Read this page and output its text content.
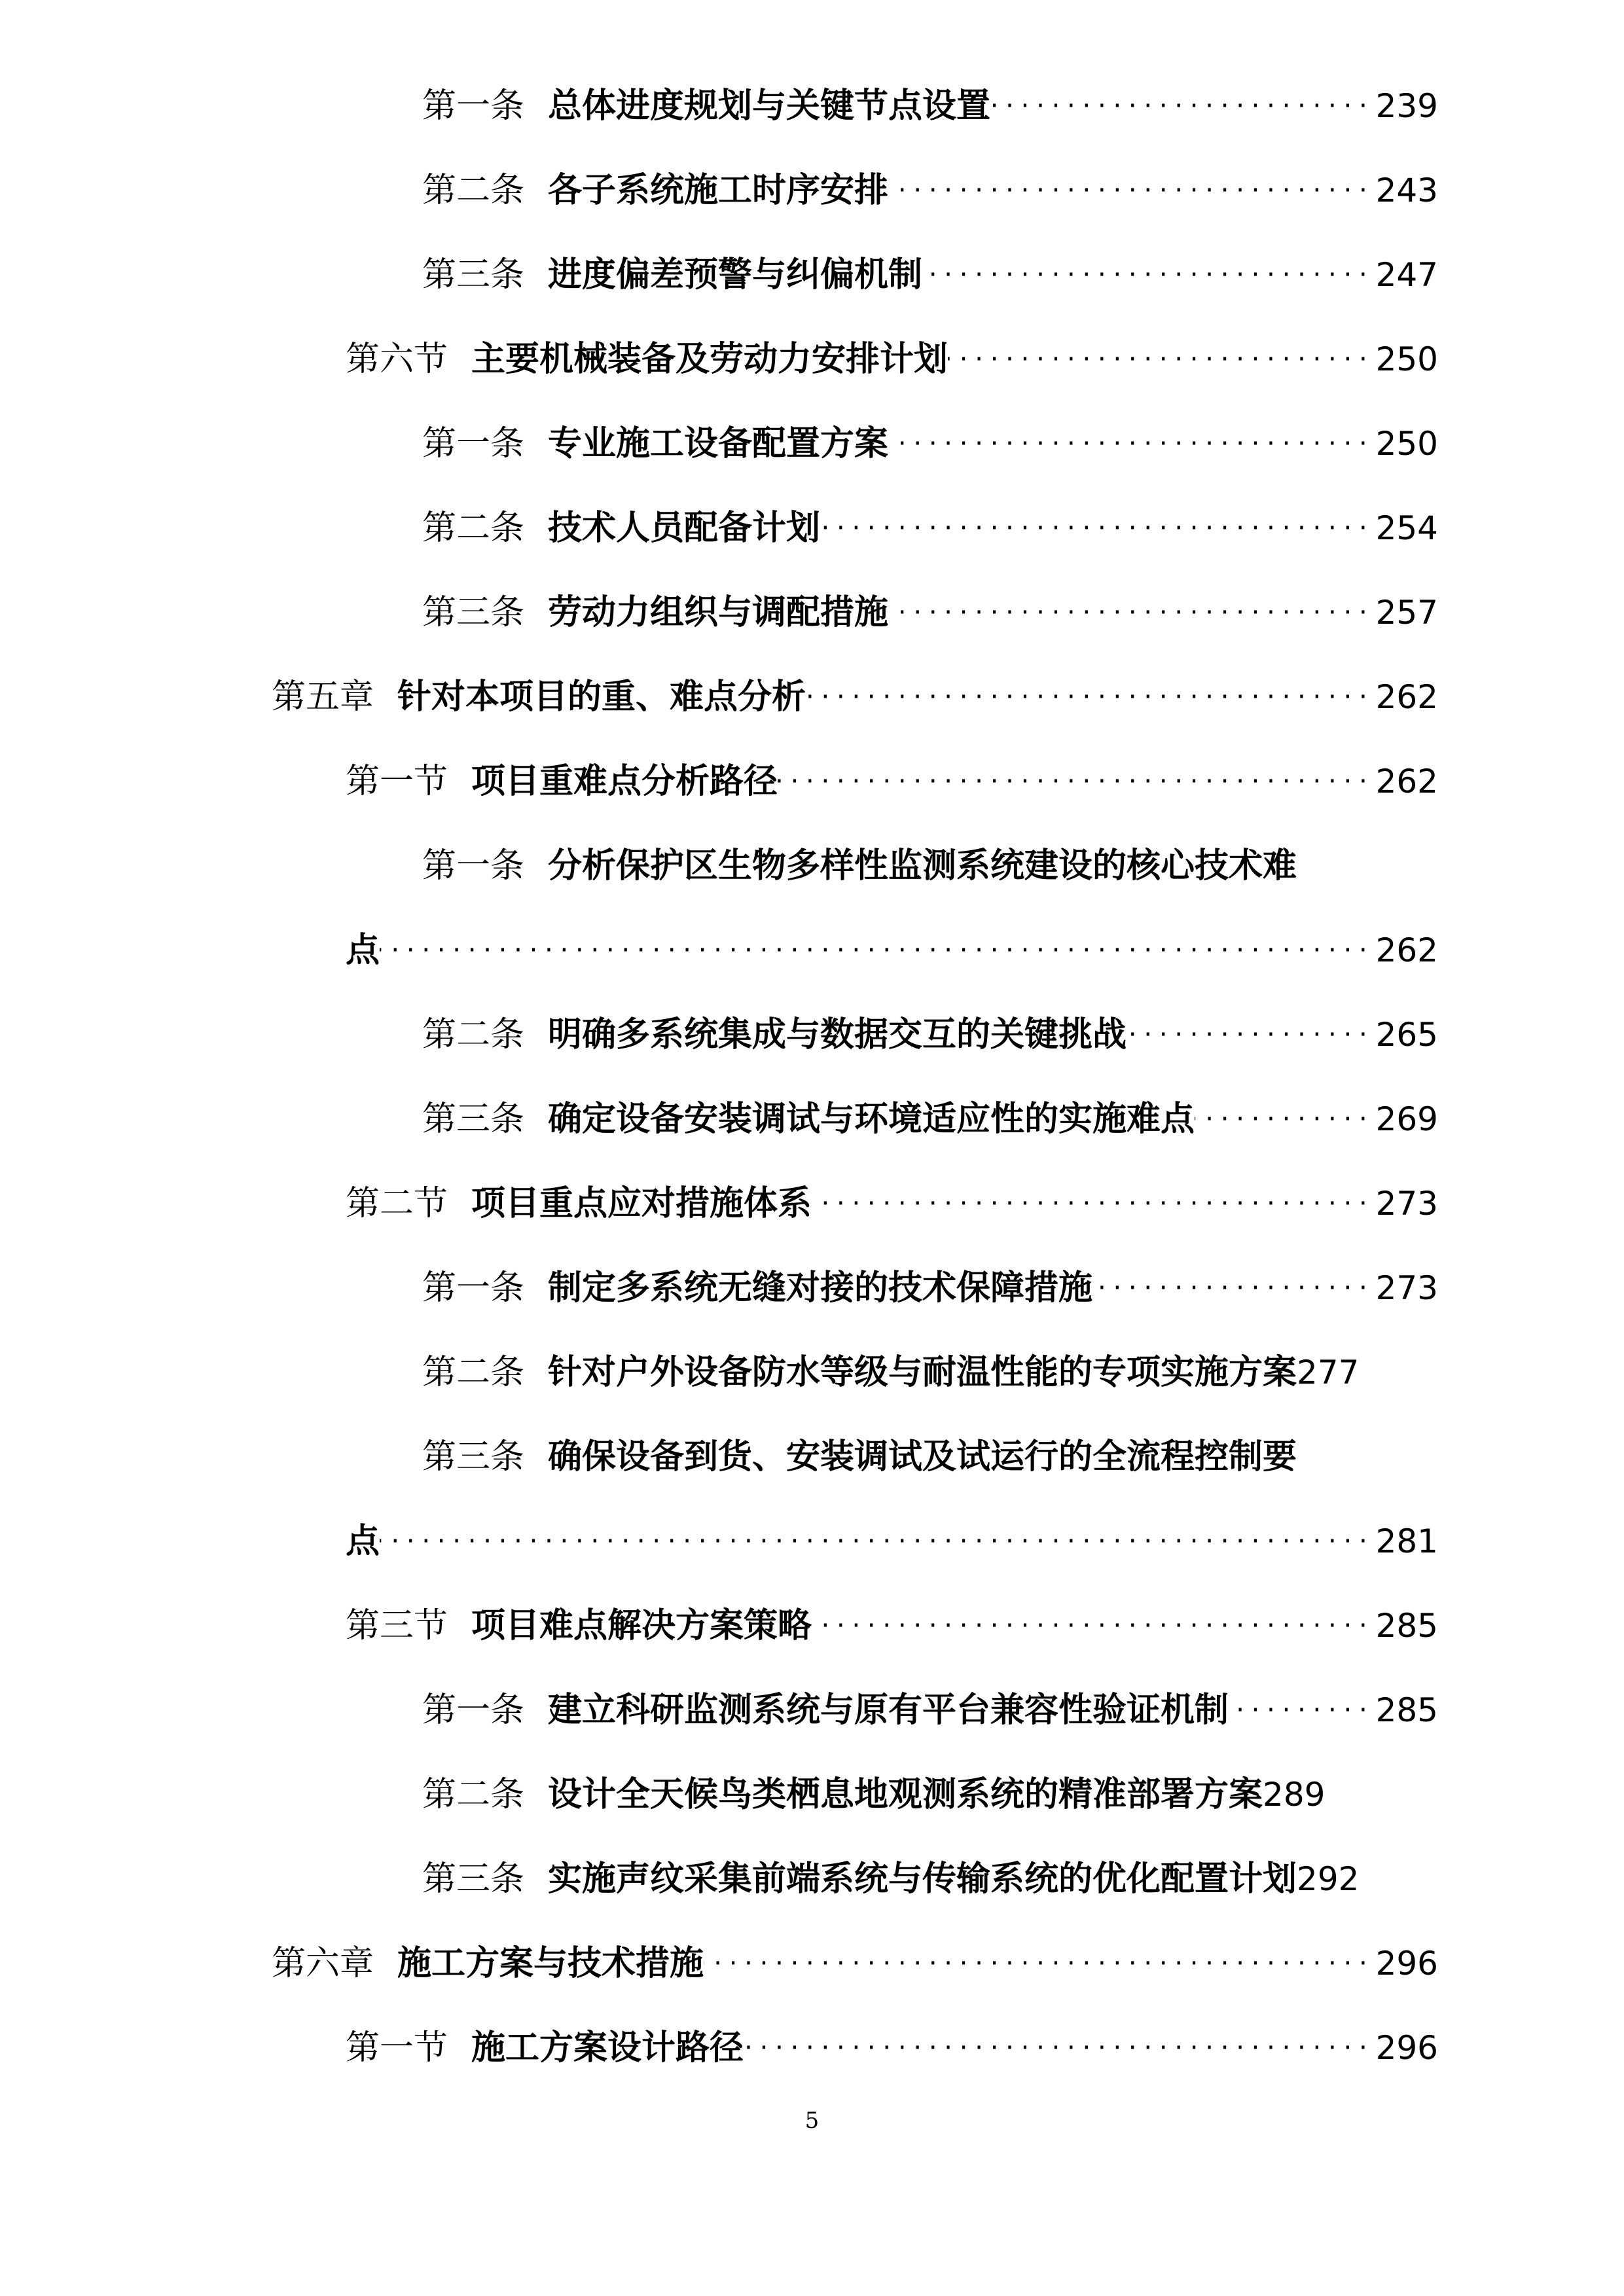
第一条 总体进度规划与关键节点设置 ·····	239
第二条 各子系统施工时序安排 ·····	243
第三条 进度偏差预警与纠偏机制 ·····	247
第六节 主要机械装备及劳动力安排计划 ·····	250
第一条 专业施工设备配置方案 ·····	250
第二条 技术人员配备计划 ·····	254
第三条 劳动力组织与调配措施 ·····	257
第五章 针对本项目的重、难点分析 ·····	262
第一节 项目重难点分析路径 ·····	262
第一条 分析保护区生物多样性监测系统建设的核心技术难
点 ·····	262
第二条 明确多系统集成与数据交互的关键挑战 ·····	265
第三条 确定设备安装调试与环境适应性的实施难点 ·····	269
第二节 项目重点应对措施体系 ·····	273
第一条 制定多系统无缝对接的技术保障措施 ·····	273
第二条 针对户外设备防水等级与耐温性能的专项实施方案 277
第三条 确保设备到货、安装调试及试运行的全流程控制要
点 ·····	281
第三节 项目难点解决方案策略 ·····	285
第一条 建立科研监测系统与原有平台兼容性验证机制 ·····	285
第二条 设计全天候鸟类栖息地观测系统的精准部署方案 289
第三条 实施声纹采集前端系统与传输系统的优化配置计划 292
第六章 施工方案与技术措施 ·····	296
第一节 施工方案设计路径 ·····	296
5
